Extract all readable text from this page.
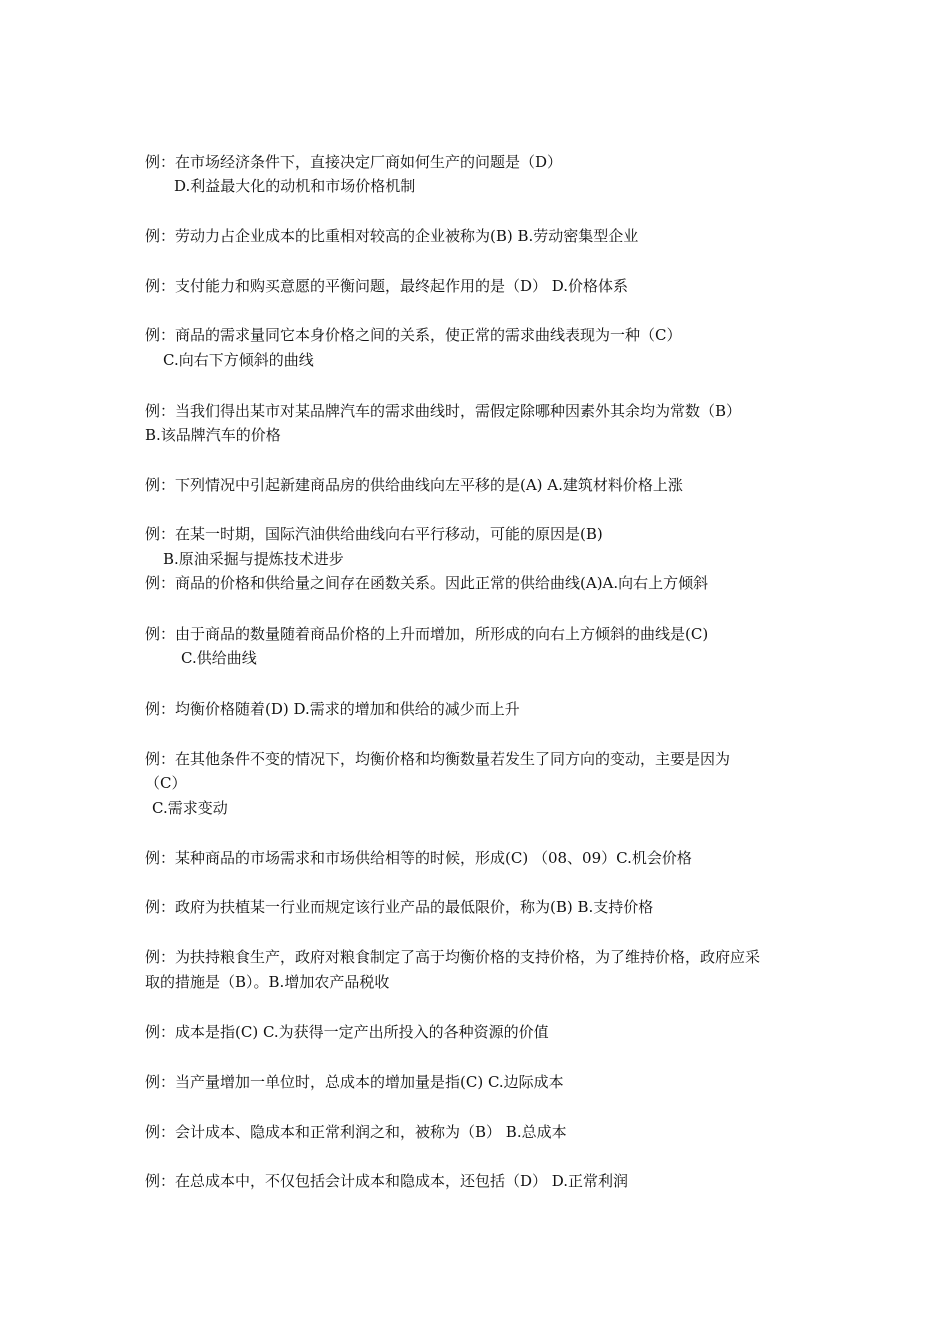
例：在市场经济条件下，直接决定厂商如何生产的问题是（D）
D.利益最大化的动机和市场价格机制
例：劳动力占企业成本的比重相对较高的企业被称为(B) B.劳动密集型企业
例：支付能力和购买意愿的平衡问题，最终起作用的是（D） D.价格体系
例：商品的需求量同它本身价格之间的关系，使正常的需求曲线表现为一种（C）
C.向右下方倾斜的曲线
例：当我们得出某市对某品牌汽车的需求曲线时，需假定除哪种因素外其余均为常数（B）
B.该品牌汽车的价格
例：下列情况中引起新建商品房的供给曲线向左平移的是(A) A.建筑材料价格上涨
例：在某一时期，国际汽油供给曲线向右平行移动，可能的原因是(B)
B.原油采掘与提炼技术进步
例：商品的价格和供给量之间存在函数关系。因此正常的供给曲线(A)A.向右上方倾斜
例：由于商品的数量随着商品价格的上升而增加，所形成的向右上方倾斜的曲线是(C)
C.供给曲线
例：均衡价格随着(D) D.需求的增加和供给的减少而上升
例：在其他条件不变的情况下，均衡价格和均衡数量若发生了同方向的变动，主要是因为
（C）
C.需求变动
例：某种商品的市场需求和市场供给相等的时候，形成(C) （08、09）C.机会价格
例：政府为扶植某一行业而规定该行业产品的最低限价，称为(B) B.支持价格
例：为扶持粮食生产，政府对粮食制定了高于均衡价格的支持价格，为了维持价格，政府应采
取的措施是（B）。B.增加农产品税收
例：成本是指(C) C.为获得一定产出所投入的各种资源的价值
例：当产量增加一单位时，总成本的增加量是指(C) C.边际成本
例：会计成本、隐成本和正常利润之和，被称为（B） B.总成本
例：在总成本中，不仅包括会计成本和隐成本，还包括（D） D.正常利润
